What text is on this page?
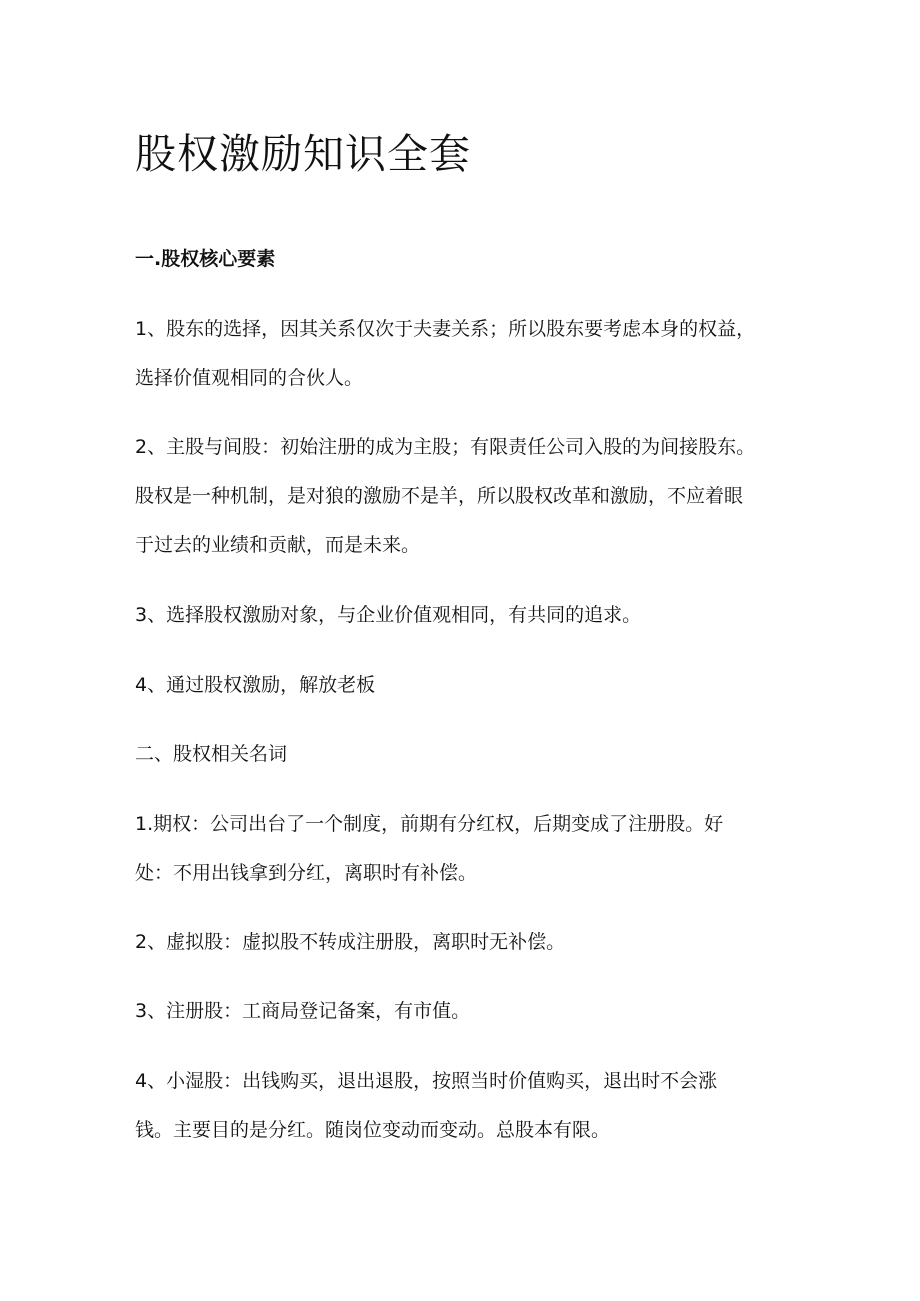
股权激励知识全套

一.股权核心要素

1、股东的选择，因其关系仅次于夫妻关系；所以股东要考虑本身的权益，
选择价值观相同的合伙人。

2、主股与间股：初始注册的成为主股；有限责任公司入股的为间接股东。
股权是一种机制，是对狼的激励不是羊，所以股权改革和激励，不应着眼
于过去的业绩和贡献，而是未来。

3、选择股权激励对象，与企业价值观相同，有共同的追求。

4、通过股权激励，解放老板

二、股权相关名词

1.期权：公司出台了一个制度，前期有分红权，后期变成了注册股。好
处：不用出钱拿到分红，离职时有补偿。

2、虚拟股：虚拟股不转成注册股，离职时无补偿。

3、注册股：工商局登记备案，有市值。

4、小湿股：出钱购买，退出退股，按照当时价值购买，退出时不会涨
钱。主要目的是分红。随岗位变动而变动。总股本有限。
